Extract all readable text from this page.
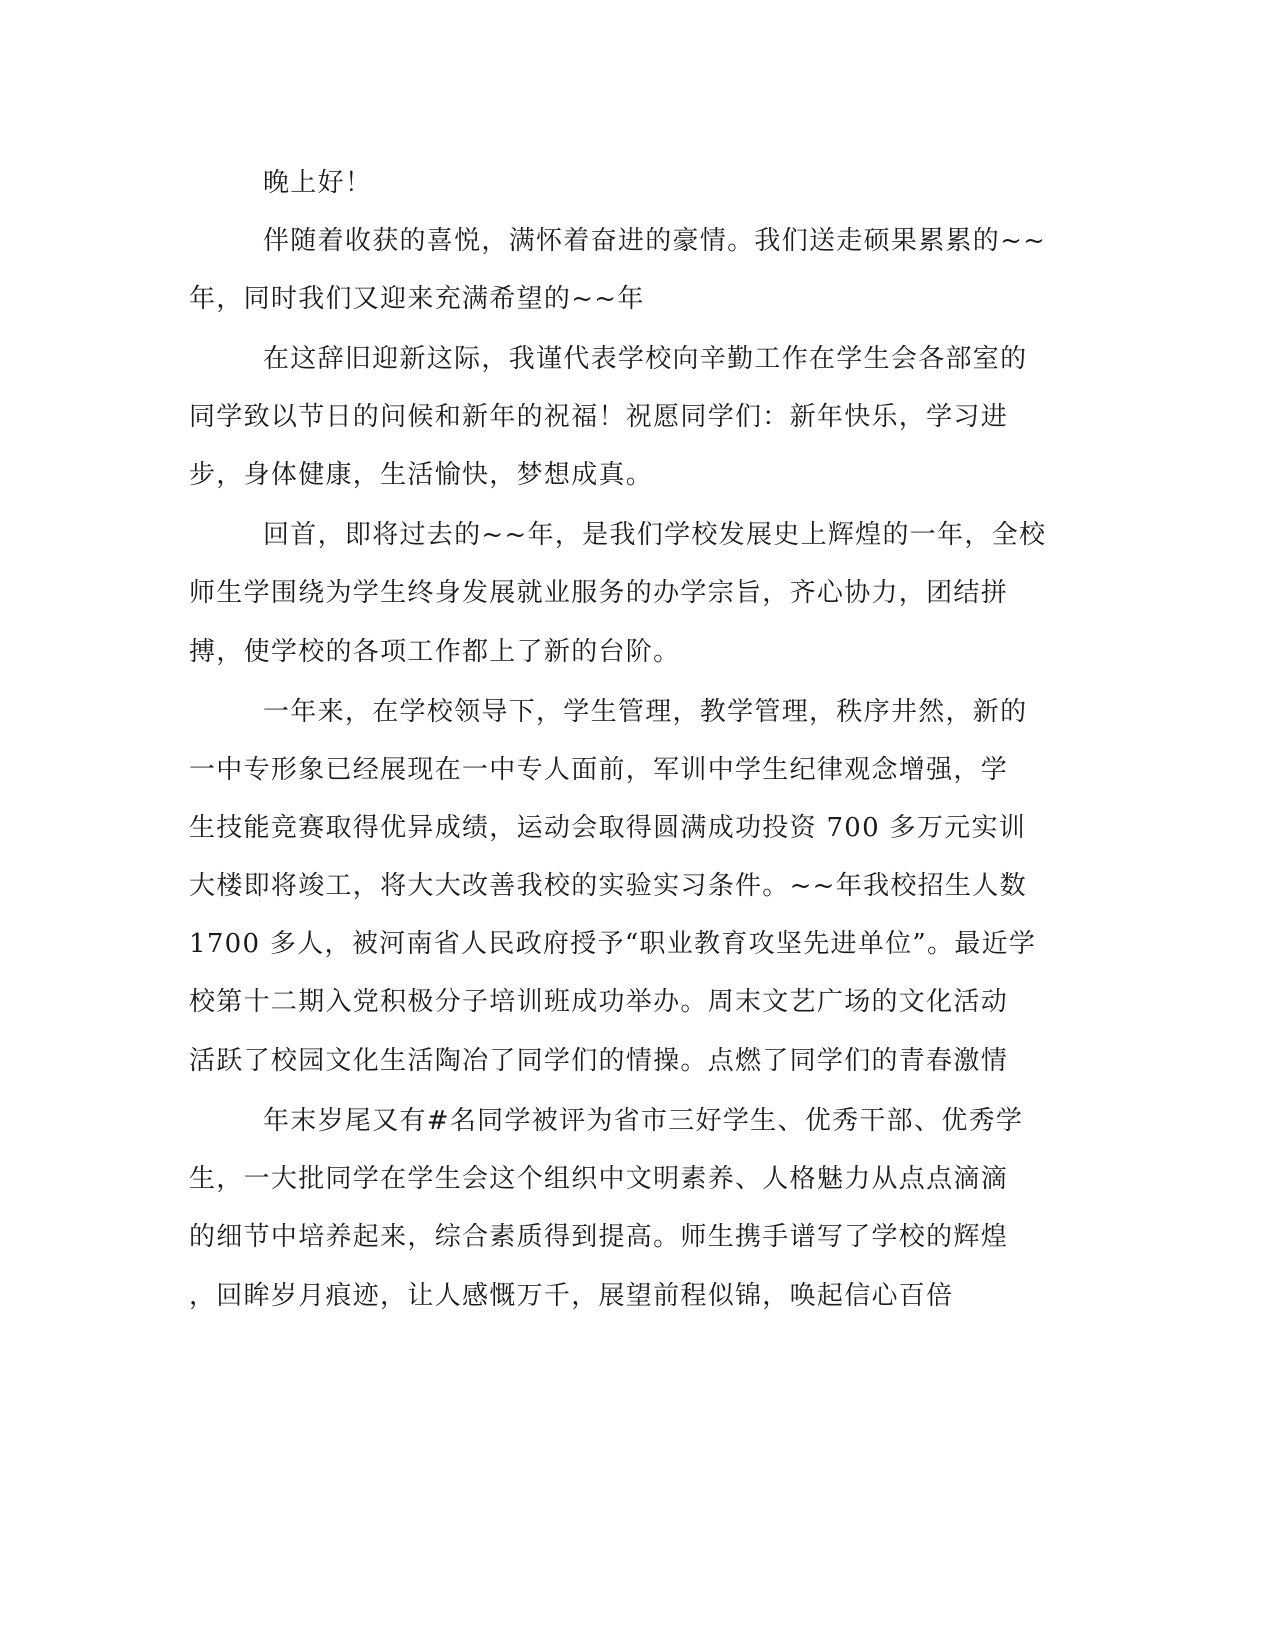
晚上好！
伴随着收获的喜悦，满怀着奋进的豪情。我们送走硕果累累的~~
年，同时我们又迎来充满希望的~~年
在这辞旧迎新这际，我谨代表学校向辛勤工作在学生会各部室的
同学致以节日的问候和新年的祝福！祝愿同学们：新年快乐，学习进
步，身体健康，生活愉快，梦想成真。
回首，即将过去的~~年，是我们学校发展史上辉煌的一年，全校
师生学围绕为学生终身发展就业服务的办学宗旨，齐心协力，团结拼
搏，使学校的各项工作都上了新的台阶。
一年来，在学校领导下，学生管理，教学管理，秩序井然，新的
一中专形象已经展现在一中专人面前，军训中学生纪律观念增强，学
生技能竞赛取得优异成绩，运动会取得圆满成功投资 700 多万元实训
大楼即将竣工，将大大改善我校的实验实习条件。~~年我校招生人数
1700 多人，被河南省人民政府授予“职业教育攻坚先进单位”。最近学
校第十二期入党积极分子培训班成功举办。周末文艺广场的文化活动
活跃了校园文化生活陶冶了同学们的情操。点燃了同学们的青春激情
年末岁尾又有#名同学被评为省市三好学生、优秀干部、优秀学
生，一大批同学在学生会这个组织中文明素养、人格魅力从点点滴滴
的细节中培养起来，综合素质得到提高。师生携手谱写了学校的辉煌
，回眸岁月痕迹，让人感慨万千，展望前程似锦，唤起信心百倍
